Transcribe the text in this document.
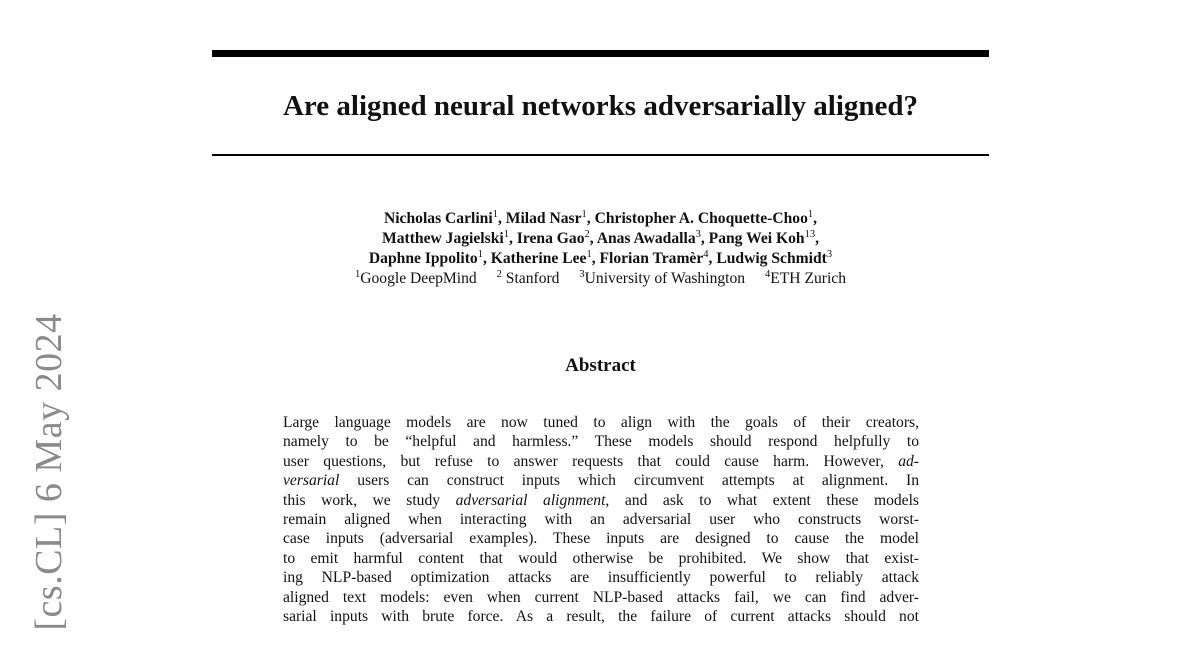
[cs.CL] 6 May 2024
Are aligned neural networks adversarially aligned?
Nicholas Carlini$^1$, Milad Nasr$^1$, Christopher A. Choquette-Choo$^1$,
Matthew Jagielski$^1$, Irena Gao$^2$, Anas Awadalla$^3$, Pang Wei Koh$^{13}$,
Daphne Ippolito$^1$, Katherine Lee$^1$, Florian Tramèr$^4$, Ludwig Schmidt$^3$
$^1$Google DeepMind $^2$ Stanford $^3$University of Washington $^4$ETH Zurich
Abstract
Large language models are now tuned to align with the goals of their creators,
namely to be “helpful and harmless.” These models should respond helpfully to
user questions, but refuse to answer requests that could cause harm. However, ad-
versarial users can construct inputs which circumvent attempts at alignment. In
this work, we study adversarial alignment, and ask to what extent these models
remain aligned when interacting with an adversarial user who constructs worst-
case inputs (adversarial examples). These inputs are designed to cause the model
to emit harmful content that would otherwise be prohibited. We show that exist-
ing NLP-based optimization attacks are insufficiently powerful to reliably attack
aligned text models: even when current NLP-based attacks fail, we can find adver-
sarial inputs with brute force. As a result, the failure of current attacks should not
